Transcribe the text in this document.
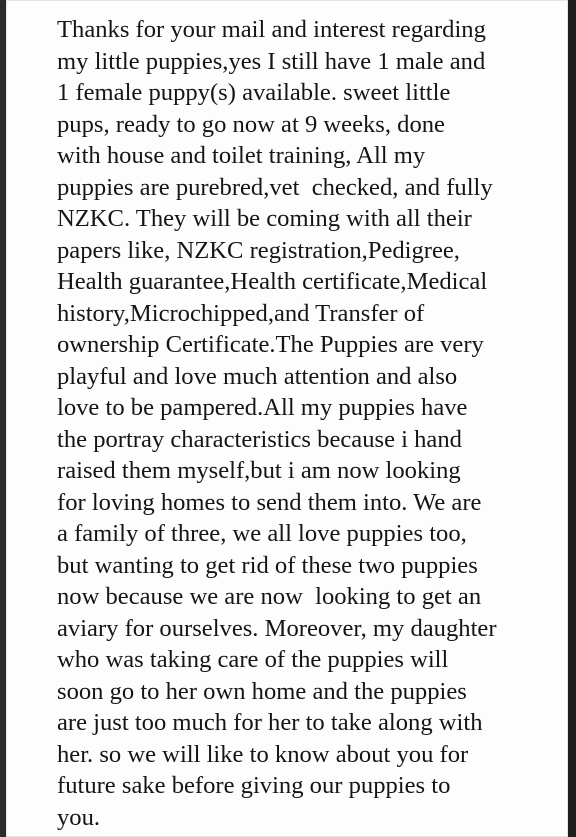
Thanks for your mail and interest regarding
my little puppies,yes I still have 1 male and
1 female puppy(s) available. sweet little
pups, ready to go now at 9 weeks, done
with house and toilet training, All my
puppies are purebred,vet  checked, and fully
NZKC. They will be coming with all their
papers like, NZKC registration,Pedigree,
Health guarantee,Health certificate,Medical
history,Microchipped,and Transfer of
ownership Certificate.The Puppies are very
playful and love much attention and also
love to be pampered.All my puppies have
the portray characteristics because i hand
raised them myself,but i am now looking
for loving homes to send them into. We are
a family of three, we all love puppies too,
but wanting to get rid of these two puppies
now because we are now  looking to get an
aviary for ourselves. Moreover, my daughter
who was taking care of the puppies will
soon go to her own home and the puppies
are just too much for her to take along with
her. so we will like to know about you for
future sake before giving our puppies to
you.
